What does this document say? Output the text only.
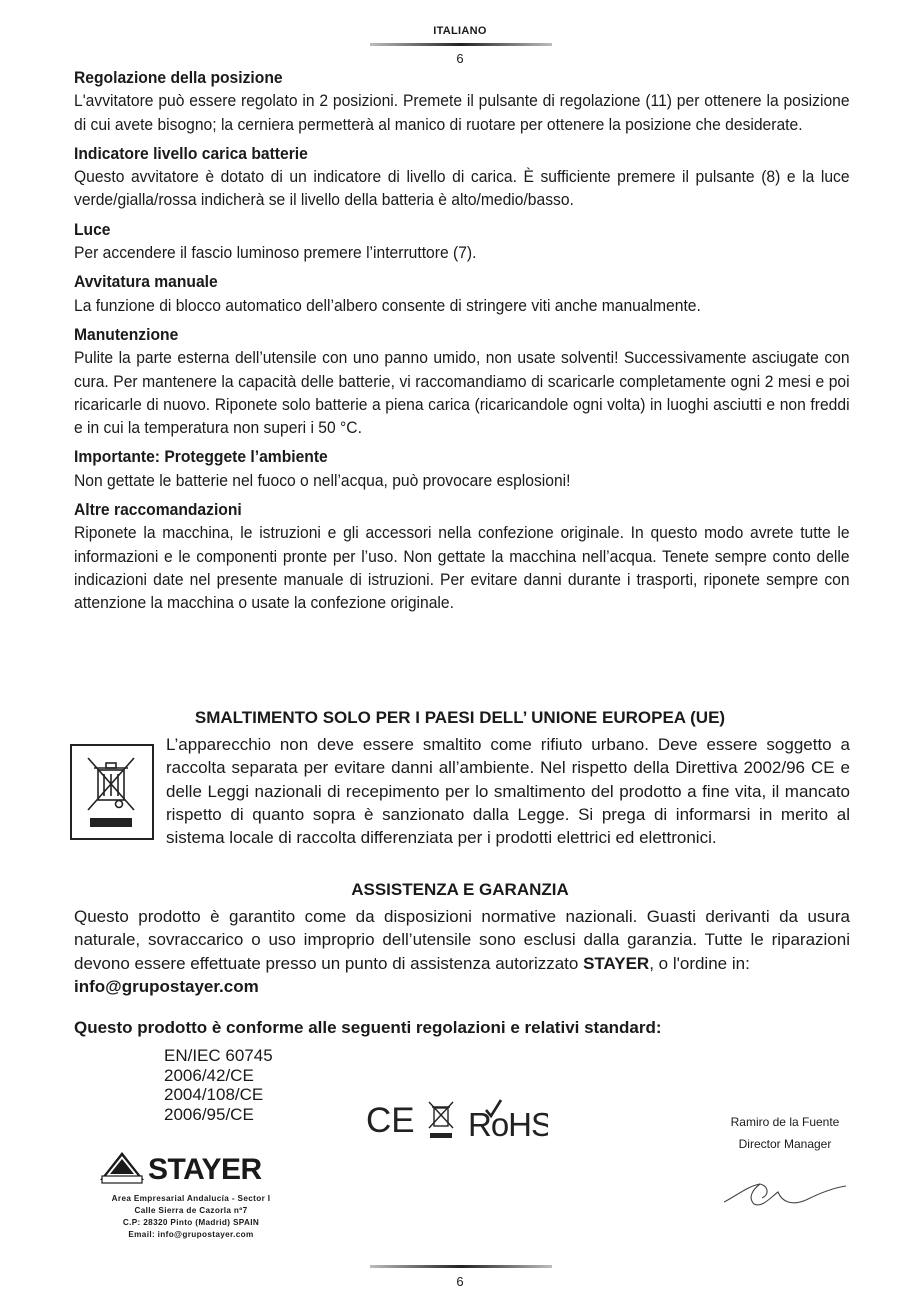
ITALIANO
6
Regolazione della posizione

L'avvitatore può essere regolato in 2 posizioni. Premete il pulsante di regolazione (11) per ottenere la posizione di cui avete bisogno; la cerniera permetterà al manico di ruotare per ottenere la posizione che desiderate.

Indicatore livello carica batterie

Questo avvitatore è dotato di un indicatore di livello di carica. È sufficiente premere il pulsante (8) e la luce verde/gialla/rossa indicherà se il livello della batteria è alto/medio/basso.

Luce

Per accendere il fascio luminoso premere l’interruttore (7).

Avvitatura manuale

La funzione di blocco automatico dell’albero consente di stringere viti anche manualmente.

Manutenzione

Pulite la parte esterna dell’utensile con uno panno umido, non usate solventi! Successivamente asciugate con cura. Per mantenere la capacità delle batterie, vi raccomandiamo di scaricarle completamente ogni 2 mesi e poi ricaricarle di nuovo. Riponete solo batterie a piena carica (ricaricandole ogni volta) in luoghi asciutti e non freddi e in cui la temperatura non superi i 50 °C.

Importante: Proteggete l’ambiente

Non gettate le batterie nel fuoco o nell’acqua, può provocare esplosioni!

Altre raccomandazioni

Riponete la macchina, le istruzioni e gli accessori nella confezione originale. In questo modo avrete tutte le informazioni e le componenti pronte per l’uso. Non gettate la macchina nell’acqua. Tenete sempre conto delle indicazioni date nel presente manuale di istruzioni. Per evitare danni durante i trasporti, riponete sempre con attenzione la macchina o usate la confezione originale.

SMALTIMENTO SOLO PER I PAESI DELL’ UNIONE EUROPEA (UE)
L’apparecchio non deve essere smaltito come rifiuto urbano. Deve essere soggetto a raccolta separata per evitare danni all’ambiente. Nel rispetto della Direttiva 2002/96 CE e delle Leggi nazionali di recepimento per lo smaltimento del prodotto a fine vita, il mancato rispetto di quanto sopra è sanzionato dalla Legge. Si prega di informarsi in merito al sistema locale di raccolta differenziata per i prodotti elettrici ed elettronici.
ASSISTENZA E GARANZIA
Questo prodotto è garantito come da disposizioni normative nazionali. Guasti derivanti da usura naturale, sovraccarico o uso improprio dell’utensile sono esclusi dalla garanzia. Tutte le riparazioni devono essere effettuate presso un punto di assistenza autorizzato STAYER, o l'ordine in:
info@grupostayer.com
Questo prodotto è conforme alle seguenti regolazioni e relativi standard:
EN/IEC 60745
2006/42/CE
2004/108/CE
2006/95/CE	CE RoHS	Ramiro de la Fuente
Director Manager
STAYER
Area Empresarial Andalucía - Sector I
Calle Sierra de Cazorla nº7
C.P: 28320 Pinto (Madrid) SPAIN
Email: info@grupostayer.com
6
